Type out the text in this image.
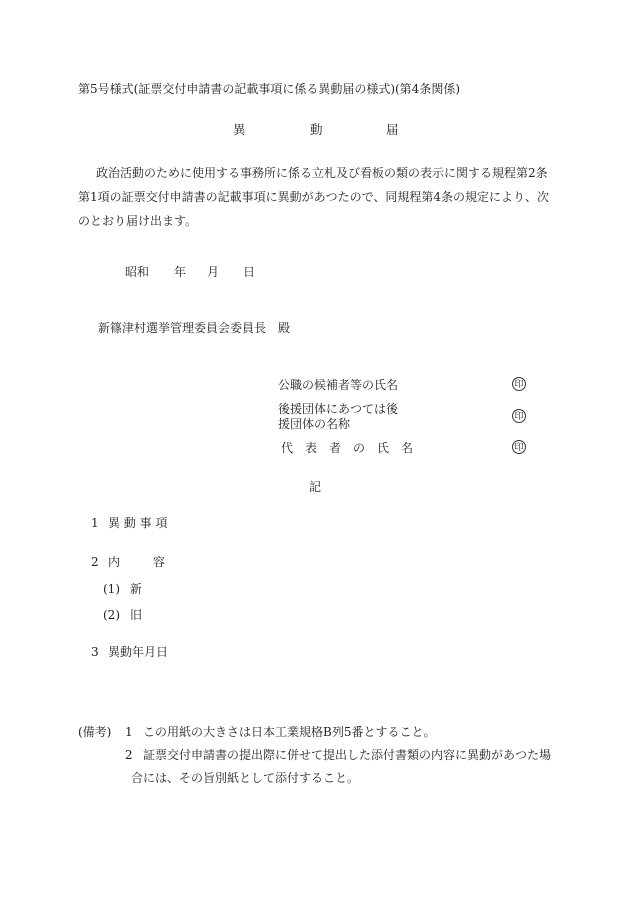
第5号様式(証票交付申請書の記載事項に係る異動届の様式)(第4条関係)
異	動	届

政治活動のために使用する事務所に係る立札及び看板の類の表示に関する規程第2条第1項の証票交付申請書の記載事項に異動があつたので、同規程第4条の規定により、次のとおり届け出ます。

昭和 年 月 日
新篠津村選挙管理委員会委員長　殿
公職の候補者等の氏名	印
後援団体にあつては後援団体の名称	印
代　表　者　の　氏　名	印
記
1 異 動 事 項
2 内	容
(1) 新
(2) 旧
3 異動年月日
(備考) 1 この用紙の大きさは日本工業規格B列5番とすること。
2 証票交付申請書の提出際に併せて提出した添付書類の内容に異動があつた場
合には、その旨別紙として添付すること。
